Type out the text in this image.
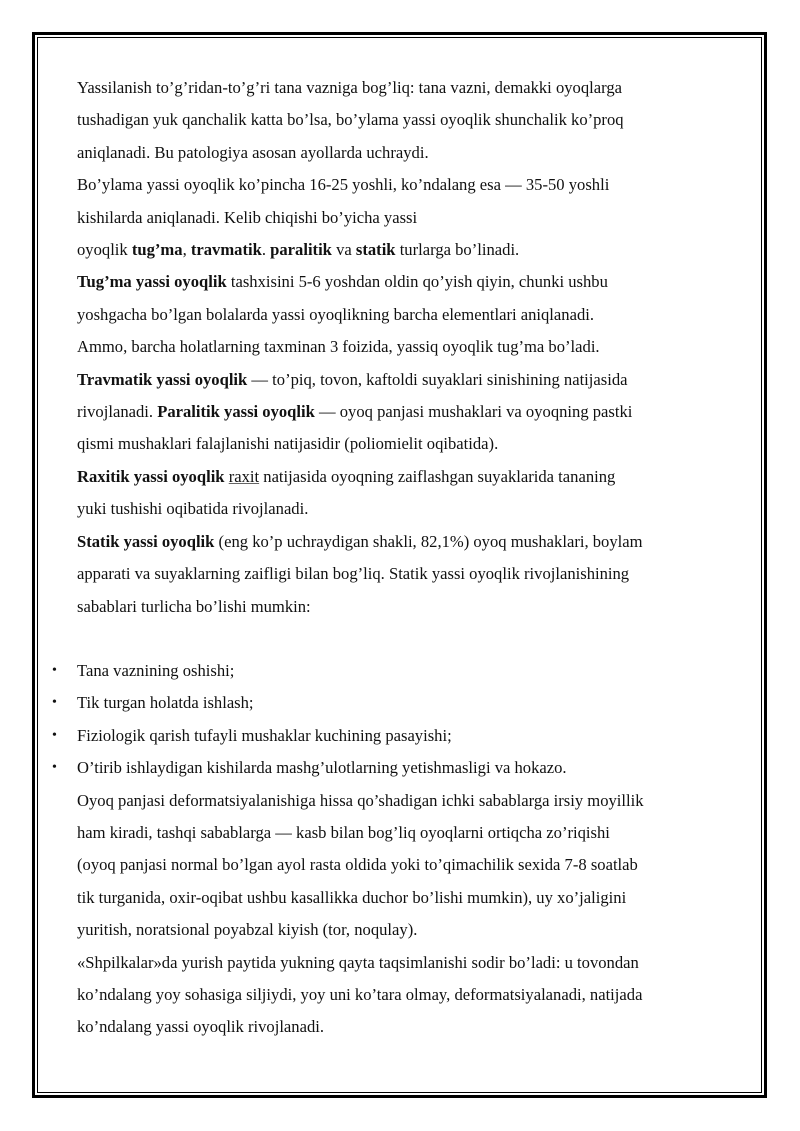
Yassilanish to’g’ridan-to’g’ri tana vazniga bog’liq: tana vazni, demakki oyoqlarga
tushadigan yuk qanchalik katta bo’lsa, bo’ylama yassi oyoqlik shunchalik ko’proq
aniqlanadi. Bu patologiya asosan ayollarda uchraydi.

Bo’ylama yassi oyoqlik ko’pincha 16-25 yoshli, ko’ndalang esa — 35-50 yoshli
kishilarda aniqlanadi. Kelib chiqishi bo’yicha yassi
oyoqlik tug’ma, travmatik. paralitik va statik turlarga bo’linadi.

Tug’ma yassi oyoqlik tashxisini 5-6 yoshdan oldin qo’yish qiyin, chunki ushbu
yoshgacha bo’lgan bolalarda yassi oyoqlikning barcha elementlari aniqlanadi.
Ammo, barcha holatlarning taxminan 3 foizida, yassiq oyoqlik tug’ma bo’ladi.

Travmatik yassi oyoqlik — to’piq, tovon, kaftoldi suyaklari sinishining natijasida
rivojlanadi. Paralitik yassi oyoqlik — oyoq panjasi mushaklari va oyoqning pastki
qismi mushaklari falajlanishi natijasidir (poliomielit oqibatida).

Raxitik yassi oyoqlik raxit natijasida oyoqning zaiflashgan suyaklarida tananing
yuki tushishi oqibatida rivojlanadi.

Statik yassi oyoqlik (eng ko’p uchraydigan shakli, 82,1%) oyoq mushaklari, boylam
apparati va suyaklarning zaifligi bilan bog’liq. Statik yassi oyoqlik rivojlanishining
sabablari turlicha bo’lishi mumkin:

• Tana vaznining oshishi;
• Tik turgan holatda ishlash;
• Fiziologik qarish tufayli mushaklar kuchining pasayishi;
• O’tirib ishlaydigan kishilarda mashg’ulotlarning yetishmasligi va hokazo.

Oyoq panjasi deformatsiyalanishiga hissa qo’shadigan ichki sabablarga irsiy moyillik
ham kiradi, tashqi sabablarga — kasb bilan bog’liq oyoqlarni ortiqcha zo’riqishi
(oyoq panjasi normal bo’lgan ayol rasta oldida yoki to’qimachilik sexida 7-8 soatlab
tik turganida, oxir-oqibat ushbu kasallikka duchor bo’lishi mumkin), uy xo’jaligini
yuritish, noratsional poyabzal kiyish (tor, noqulay).

«Shpilkalar»da yurish paytida yukning qayta taqsimlanishi sodir bo’ladi: u tovondan
ko’ndalang yoy sohasiga siljiydi, yoy uni ko’tara olmay, deformatsiyalanadi, natijada
ko’ndalang yassi oyoqlik rivojlanadi.
